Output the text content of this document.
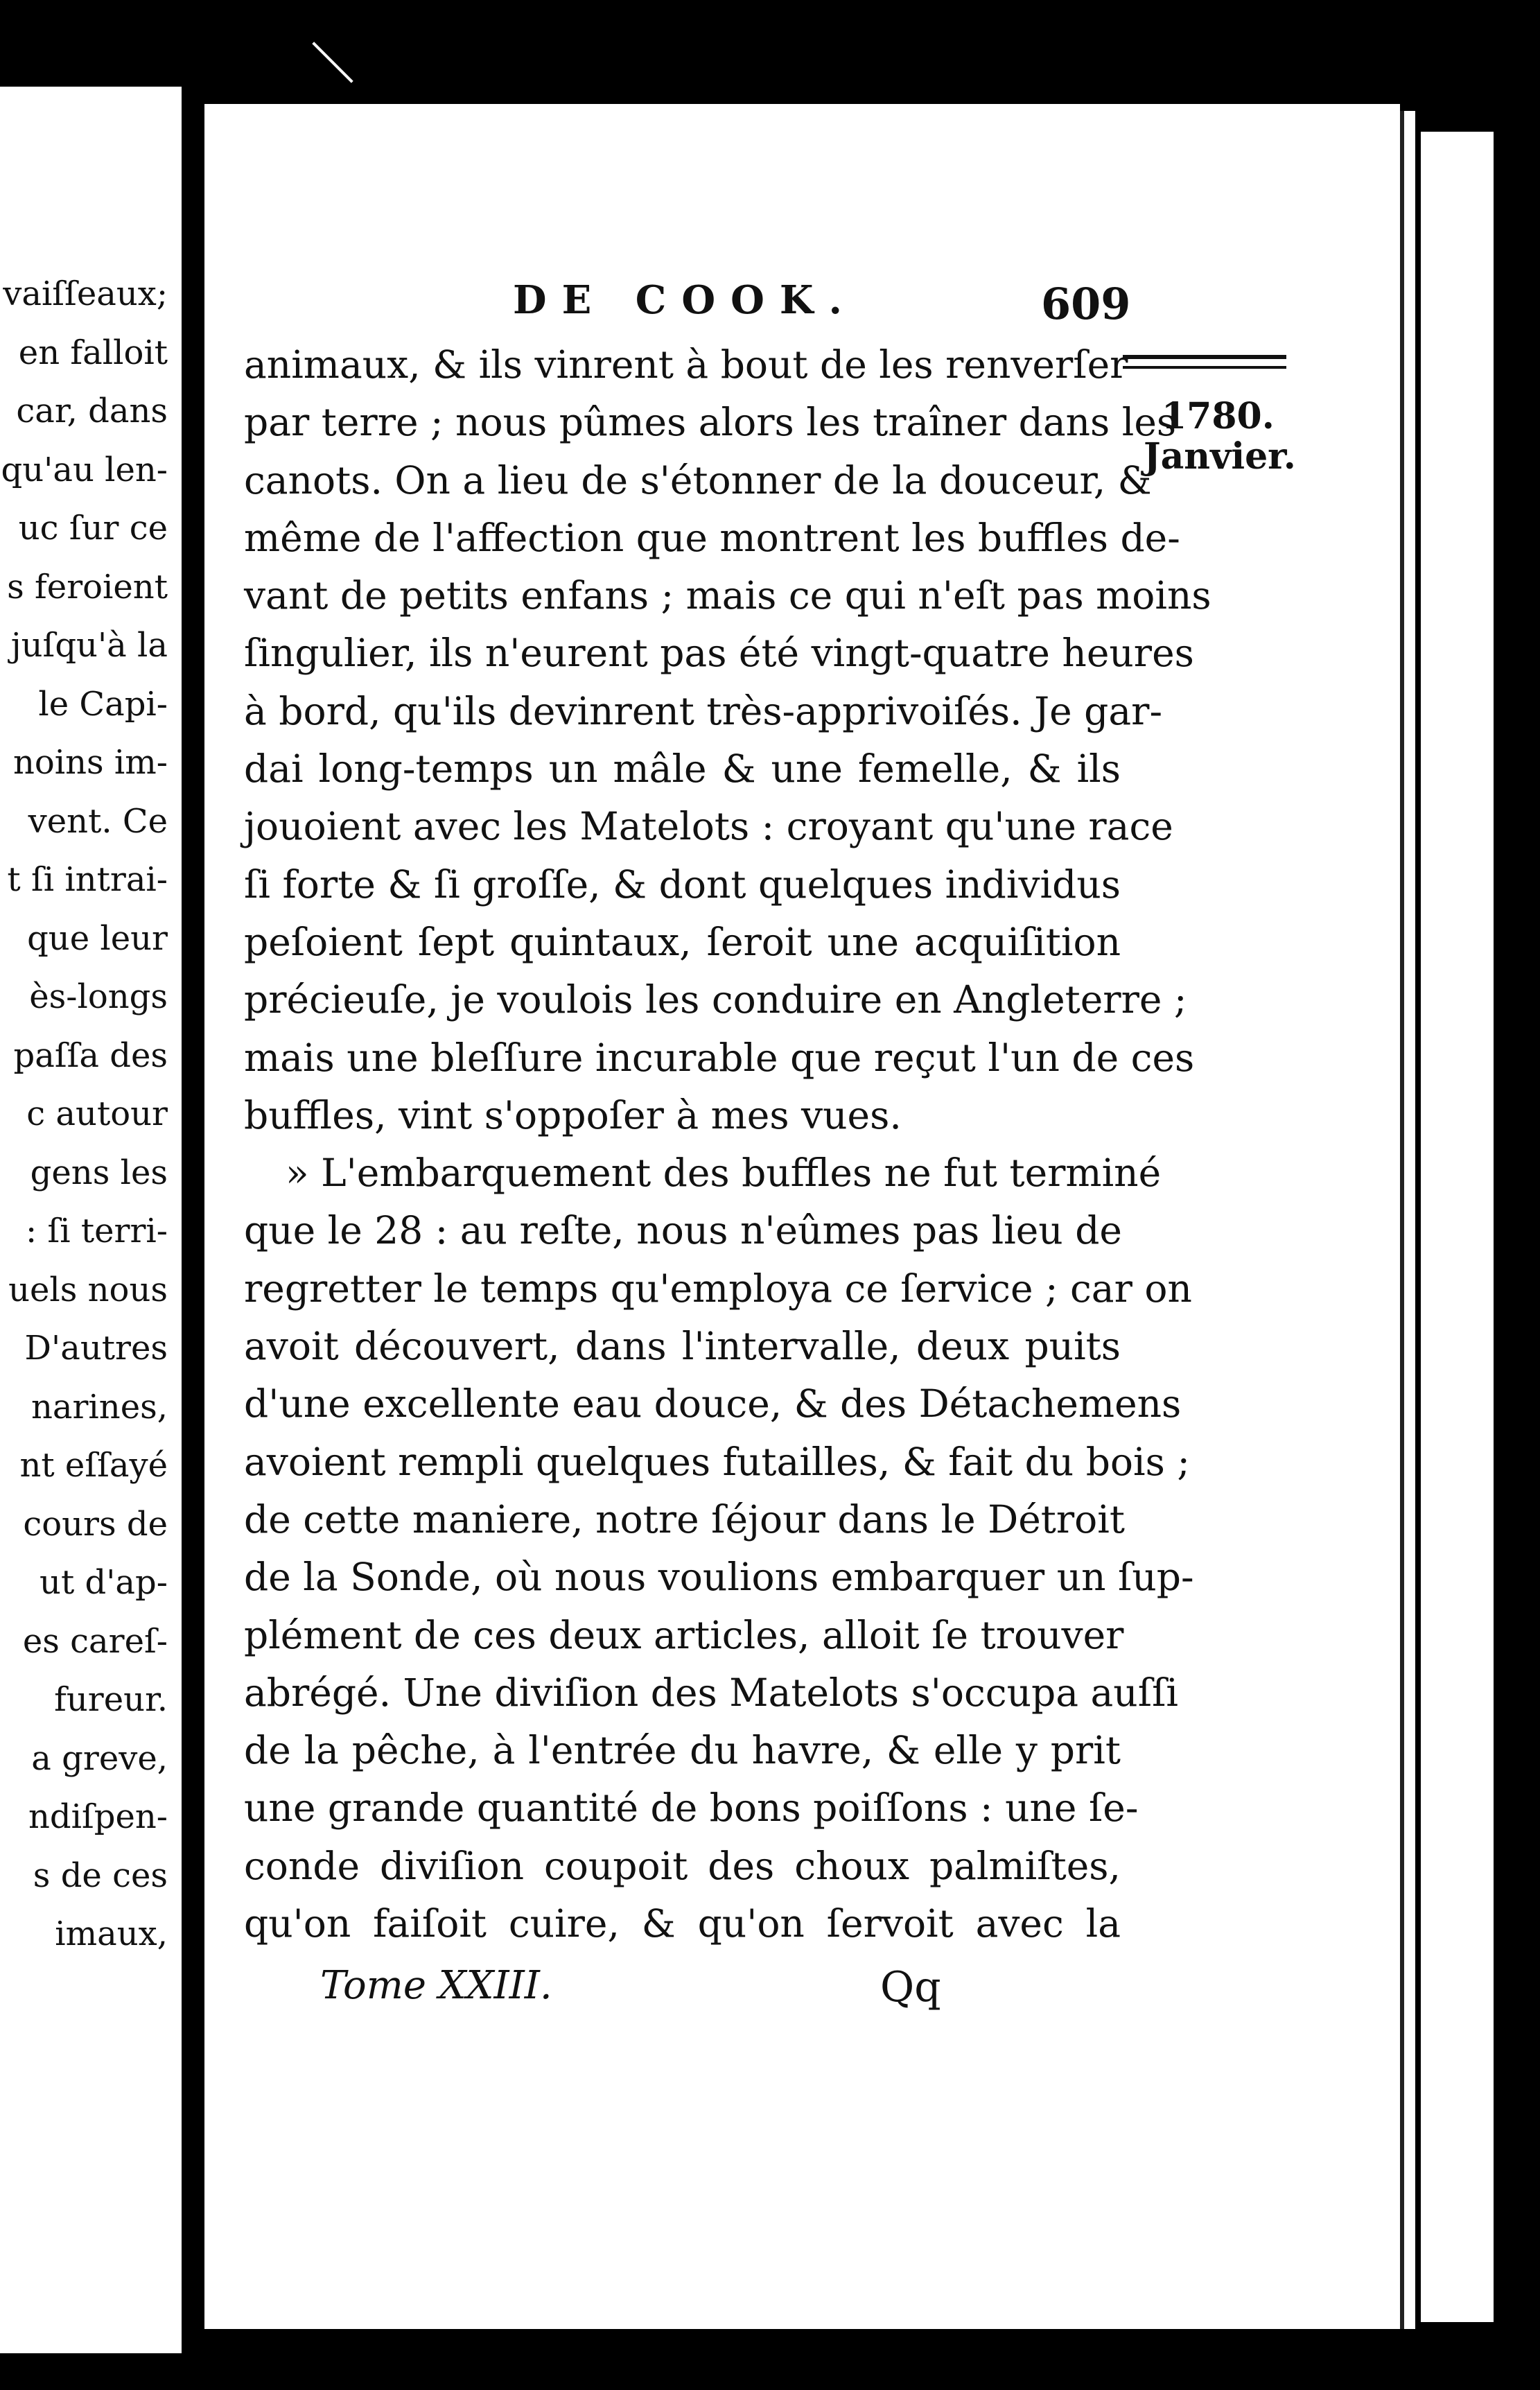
vaiſſeaux;
en falloit
car, dans
qu'au len-
uc ſur ce
s feroient
juſqu'à la
le Capi-
noins im-
vent. Ce
t ſi intrai-
que leur
ès-longs
paſſa des
c autour
gens les
: ſi terri-
uels nous
D'autres
narines,
nt eſſayé
cours de
ut d'ap-
es careſ-
fureur.
a greve,
ndiſpen-
s de ces
imaux,
DE COOK.	609
1780.
Janvier.
animaux, & ils vinrent à bout de les renverſer
par terre ; nous pûmes alors les traîner dans les
canots. On a lieu de s'étonner de la douceur, &
même de l'affection que montrent les buffles de-
vant de petits enfans ; mais ce qui n'eſt pas moins
ſingulier, ils n'eurent pas été vingt-quatre heures
à bord, qu'ils devinrent très-apprivoiſés. Je gar-
dai long-temps un mâle & une femelle, & ils
jouoient avec les Matelots : croyant qu'une race
ſi forte & ſi groſſe, & dont quelques individus
peſoient ſept quintaux, ſeroit une acquiſition
précieuſe, je voulois les conduire en Angleterre ;
mais une bleſſure incurable que reçut l'un de ces
buffles, vint s'oppoſer à mes vues.
» L'embarquement des buffles ne fut terminé
que le 28 : au reſte, nous n'eûmes pas lieu de
regretter le temps qu'employa ce ſervice ; car on
avoit découvert, dans l'intervalle, deux puits
d'une excellente eau douce, & des Détachemens
avoient rempli quelques futailles, & fait du bois ;
de cette maniere, notre ſéjour dans le Détroit
de la Sonde, où nous voulions embarquer un ſup-
plément de ces deux articles, alloit ſe trouver
abrégé. Une diviſion des Matelots s'occupa auſſi
de la pêche, à l'entrée du havre, & elle y prit
une grande quantité de bons poiſſons : une ſe-
conde diviſion coupoit des choux palmiſtes,
qu'on faiſoit cuire, & qu'on ſervoit avec la
Tome XXIII.	Qq
